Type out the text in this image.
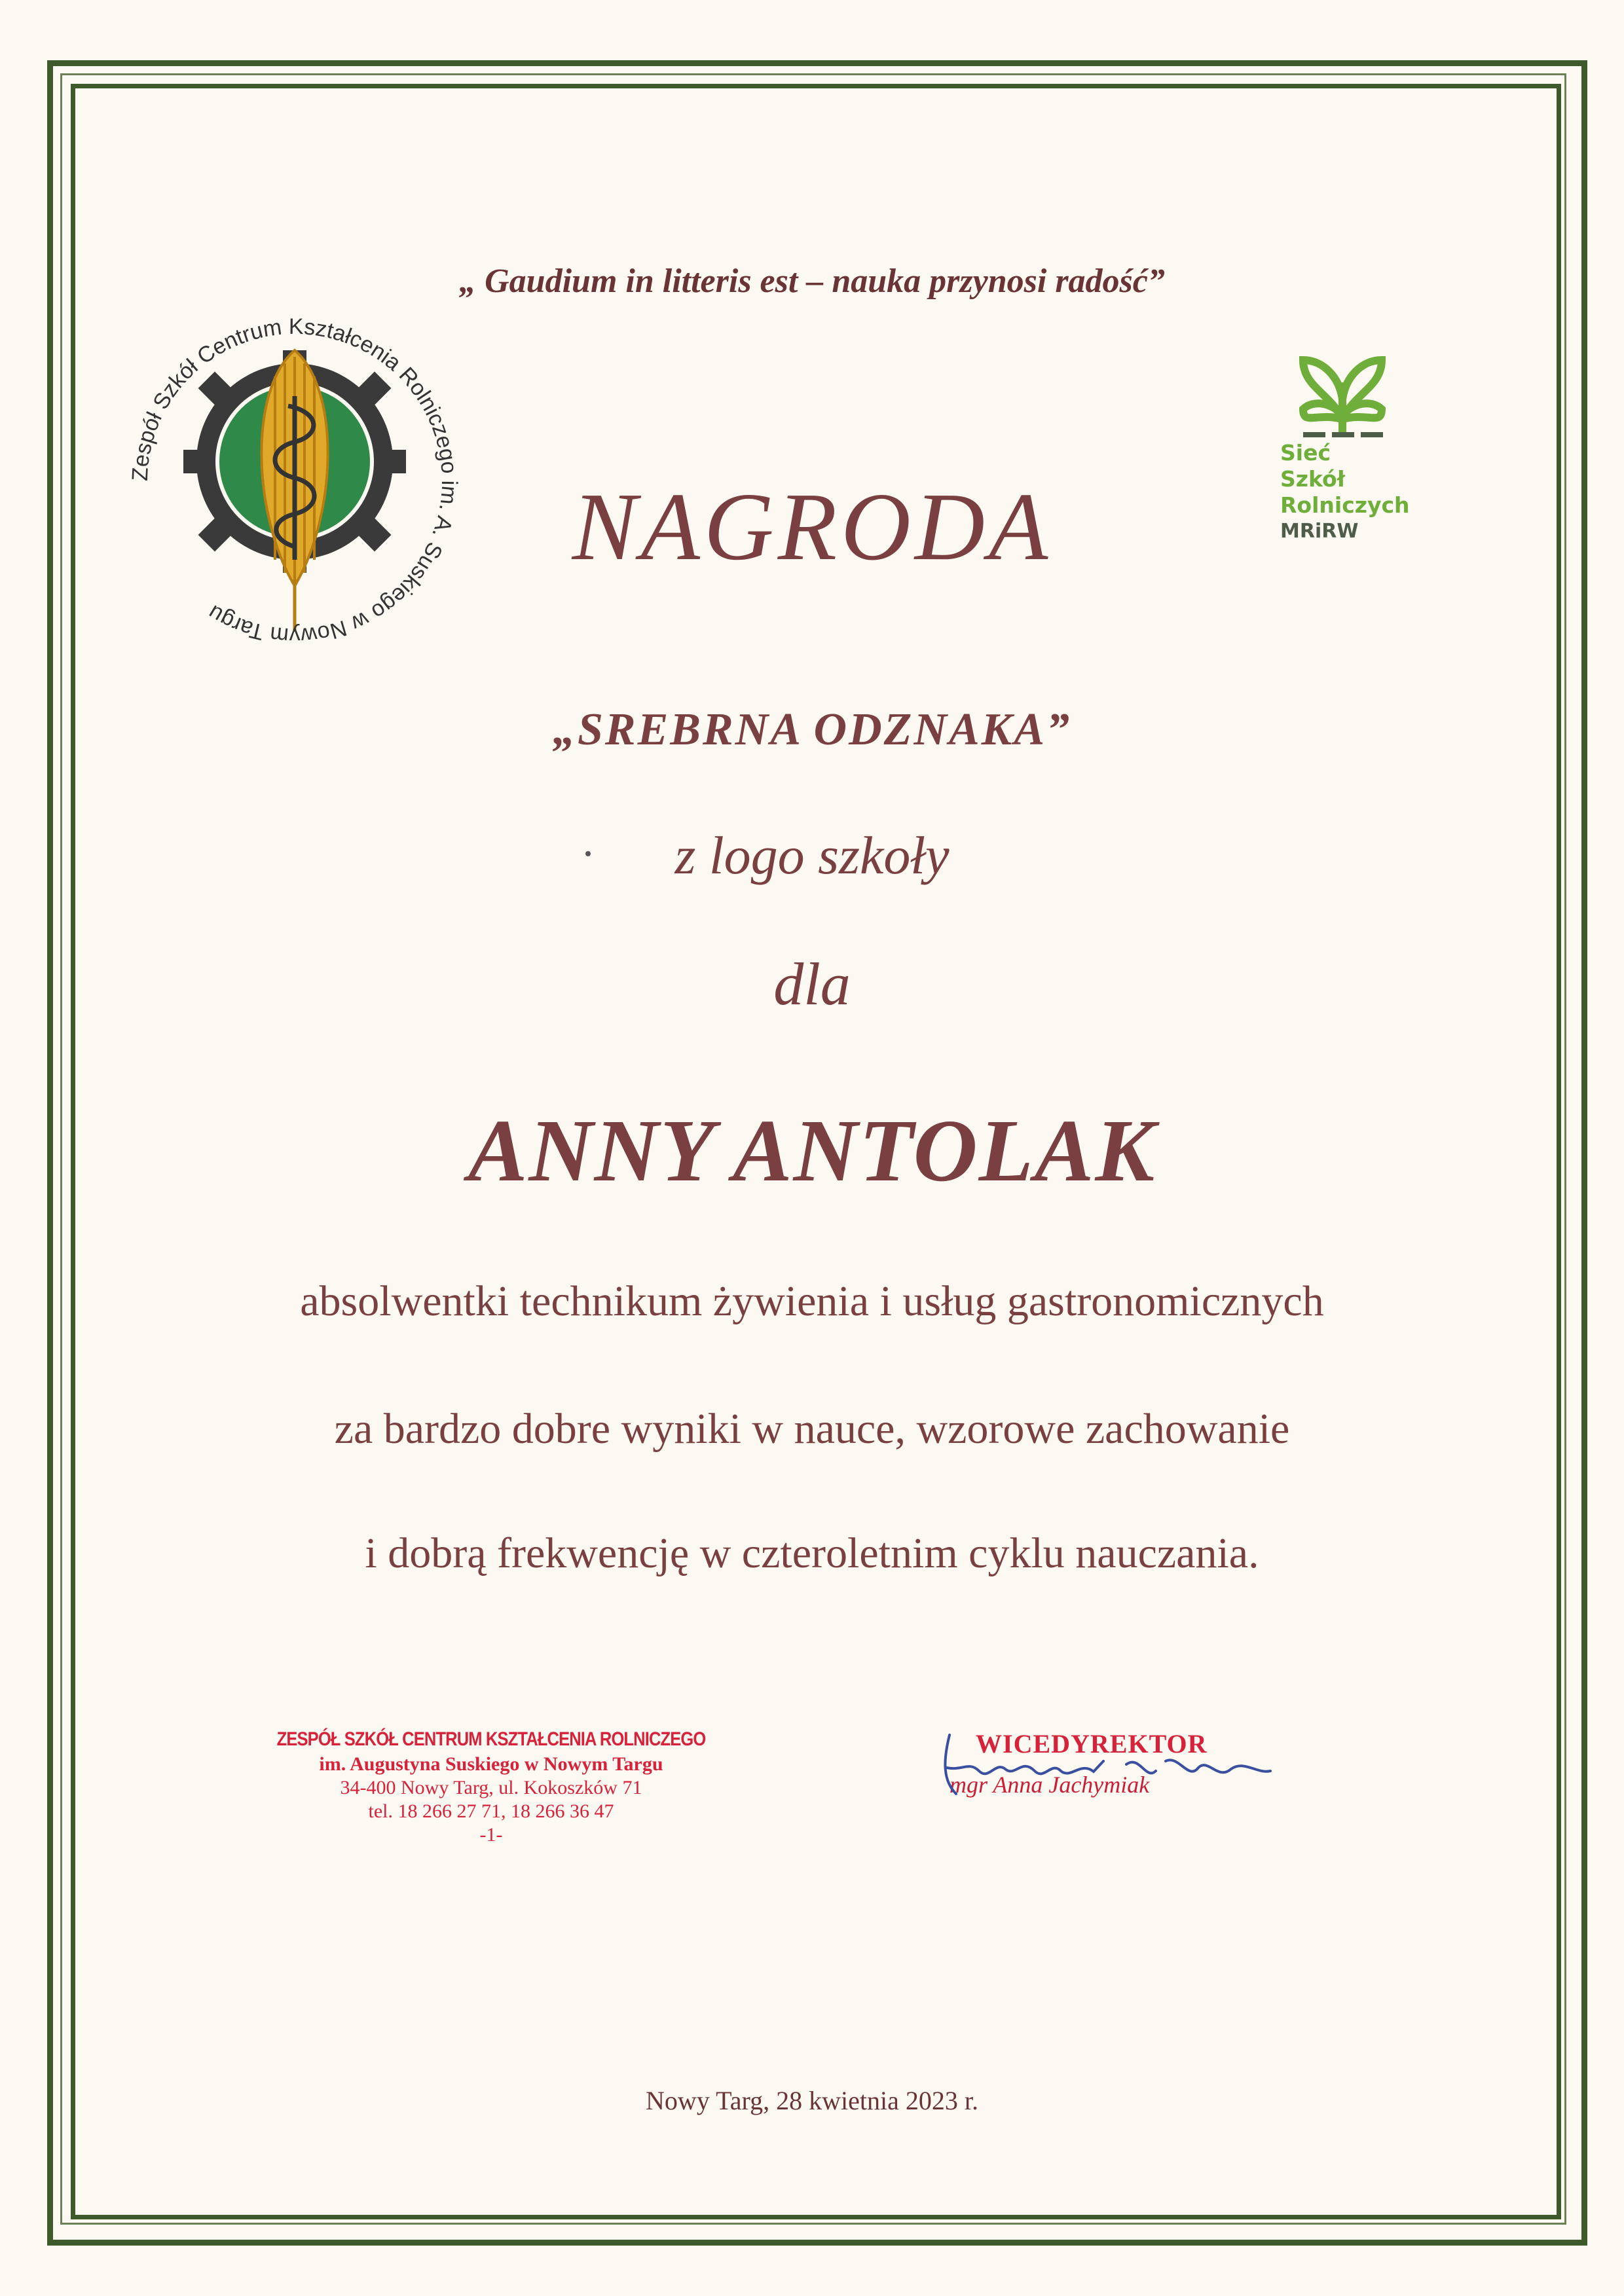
Zespół Szkół Centrum Kształcenia Rolniczego im. A. Suskiego w Nowym Targu
Sieć
Szkół
Rolniczych
MRiRW
„ Gaudium in litteris est – nauka przynosi radość”
NAGRODA
„SREBRNA ODZNAKA”
z logo szkoły
dla
ANNY ANTOLAK
absolwentki technikum żywienia i usług gastronomicznych
za bardzo dobre wyniki w nauce, wzorowe zachowanie
i dobrą frekwencję w czteroletnim cyklu nauczania.
ZESPÓŁ SZKÓŁ CENTRUM KSZTAŁCENIA ROLNICZEGO
im. Augustyna Suskiego w Nowym Targu
34-400 Nowy Targ, ul. Kokoszków 71
tel. 18 266 27 71, 18 266 36 47
-1-
WICEDYREKTOR
mgr Anna Jachymiak
Nowy Targ, 28 kwietnia 2023 r.
